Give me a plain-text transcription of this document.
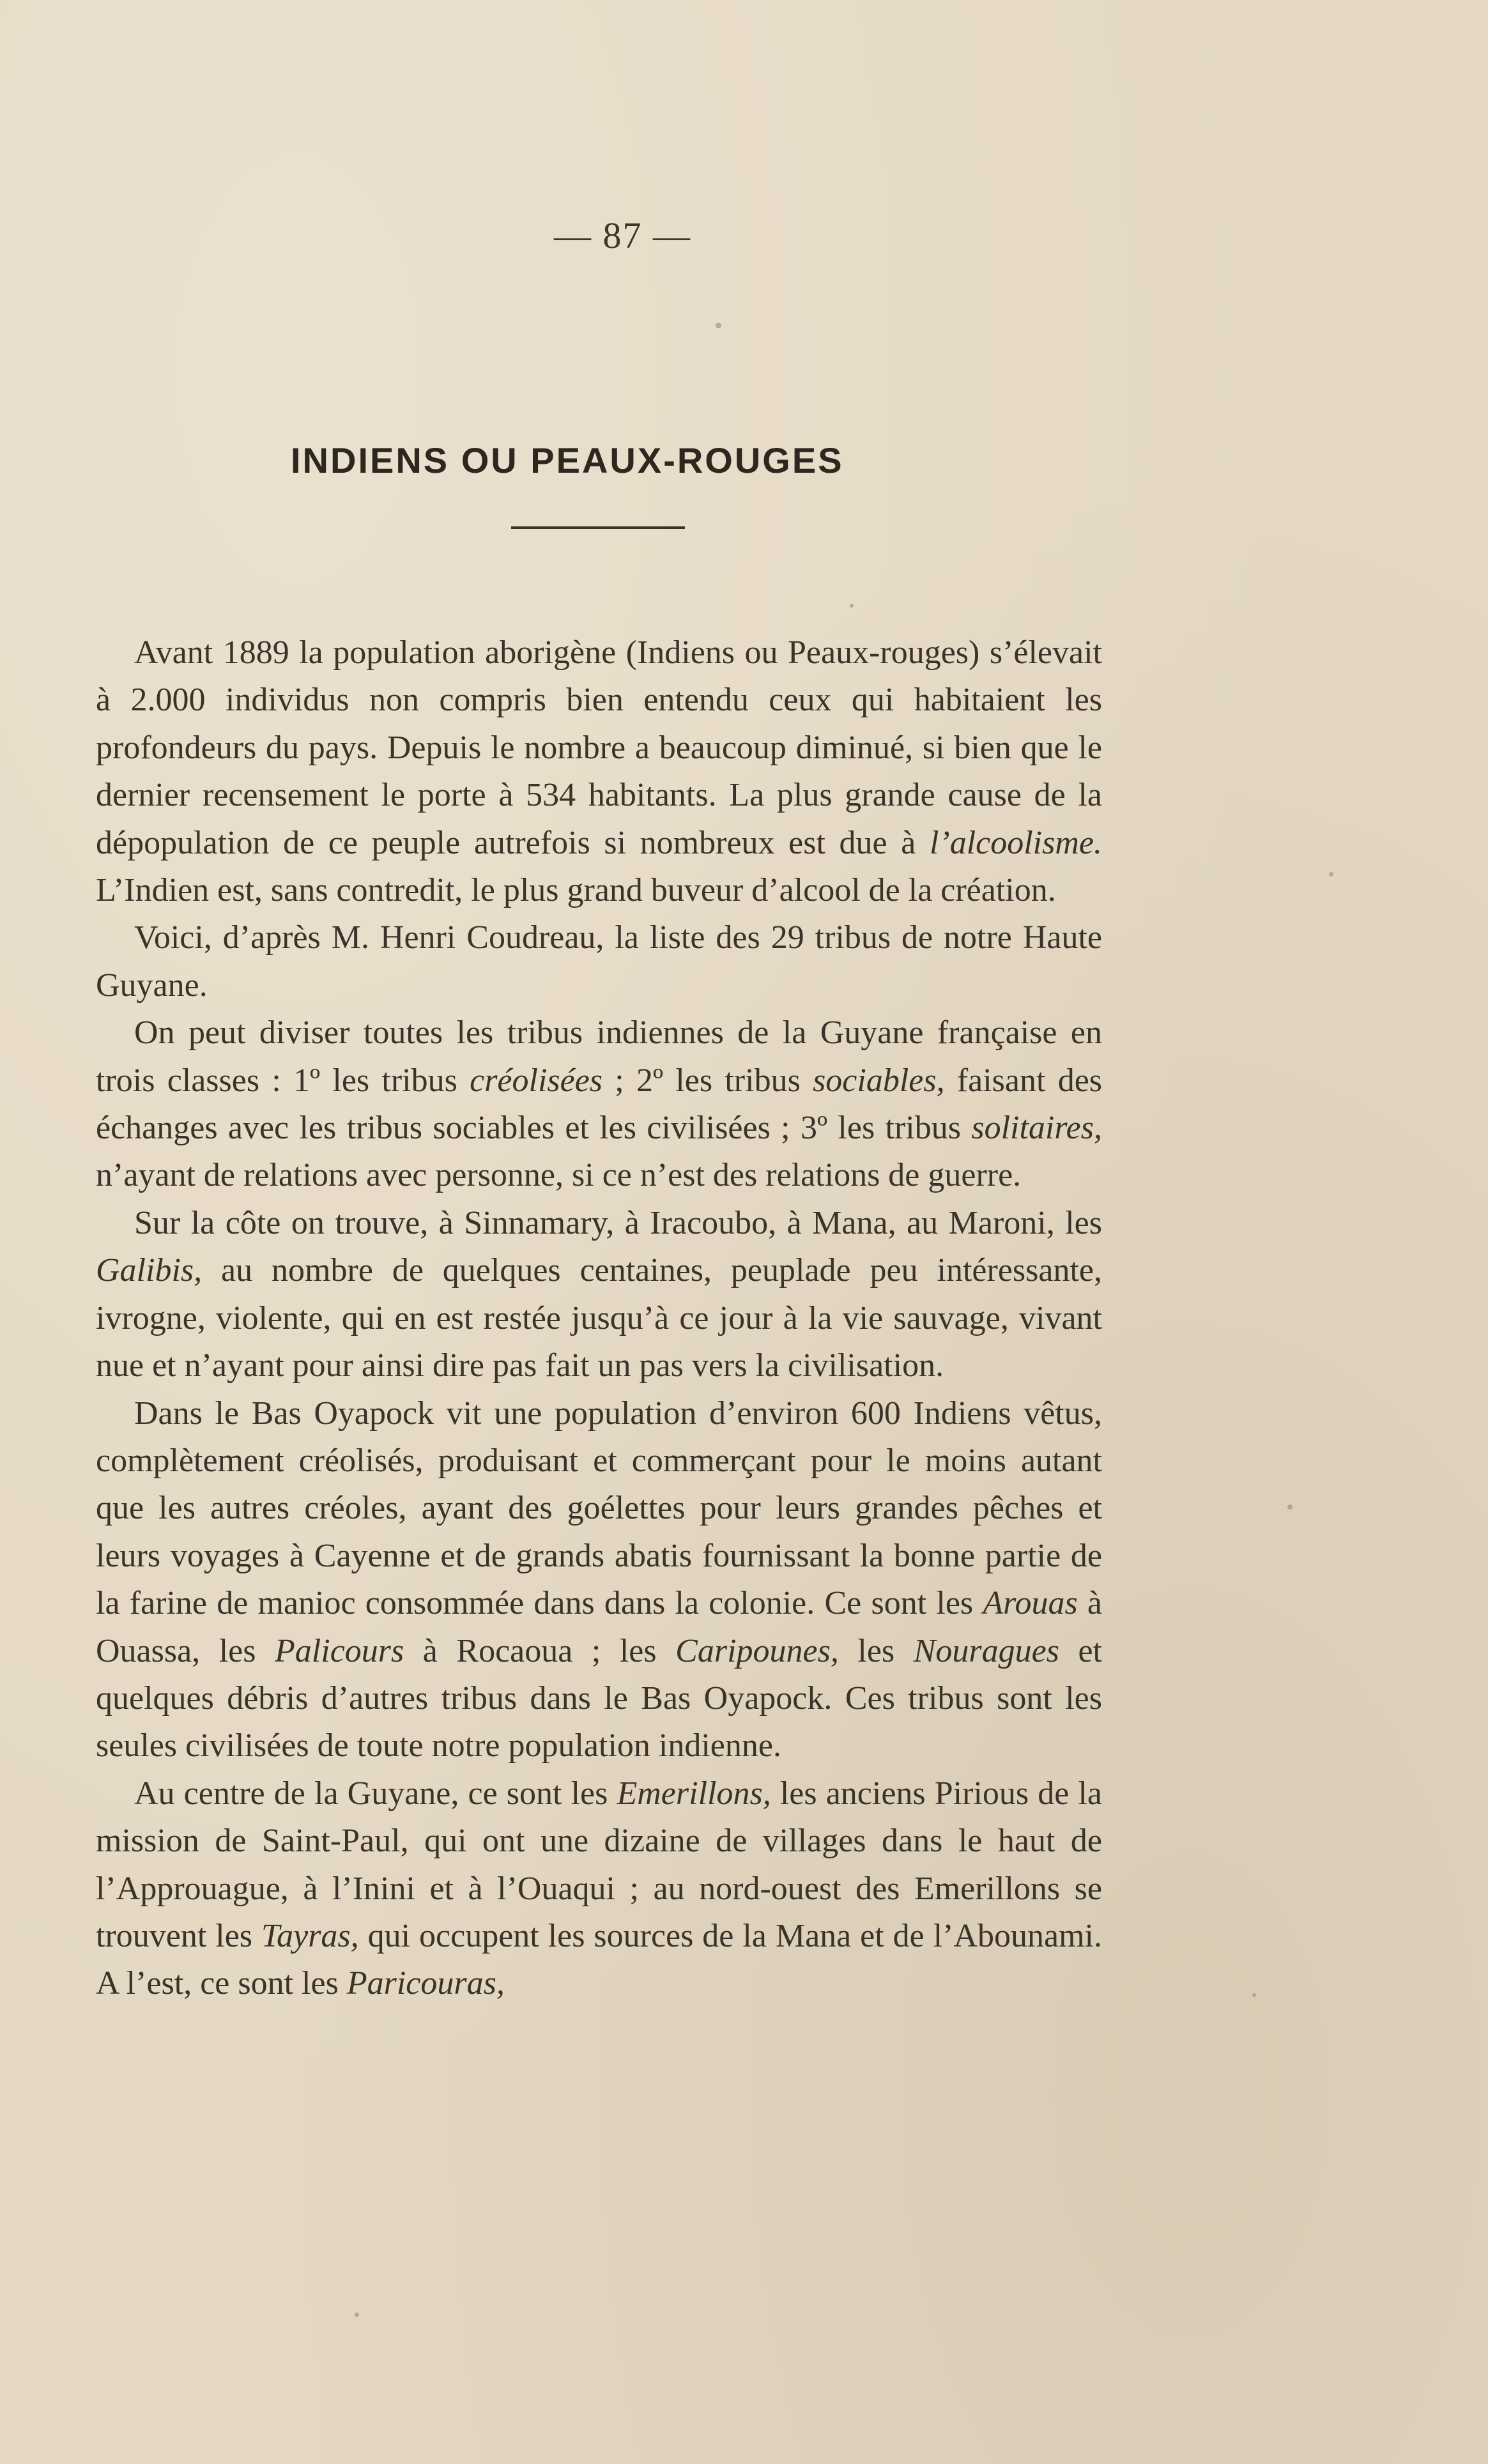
— 87 —
INDIENS OU PEAUX-ROUGES

Avant 1889 la population aborigène (Indiens ou Peaux-rouges) s’élevait à 2.000 individus non compris bien entendu ceux qui habitaient les profondeurs du pays. Depuis le nombre a beaucoup diminué, si bien que le dernier recensement le porte à 534 habitants. La plus grande cause de la dépopulation de ce peuple autrefois si nombreux est due à l’alcoolisme. L’Indien est, sans contredit, le plus grand buveur d’alcool de la création.

Voici, d’après M. Henri Coudreau, la liste des 29 tribus de notre Haute Guyane.

On peut diviser toutes les tribus indiennes de la Guyane française en trois classes : 1º les tribus créolisées ; 2º les tribus sociables, faisant des échanges avec les tribus sociables et les civilisées ; 3º les tribus solitaires, n’ayant de relations avec personne, si ce n’est des relations de guerre.

Sur la côte on trouve, à Sinnamary, à Iracoubo, à Mana, au Maroni, les Galibis, au nombre de quelques centaines, peuplade peu intéressante, ivrogne, violente, qui en est restée jusqu’à ce jour à la vie sauvage, vivant nue et n’ayant pour ainsi dire pas fait un pas vers la civilisation.

Dans le Bas Oyapock vit une population d’environ 600 Indiens vêtus, complètement créolisés, produisant et commerçant pour le moins autant que les autres créoles, ayant des goélettes pour leurs grandes pêches et leurs voyages à Cayenne et de grands abatis fournissant la bonne partie de la farine de manioc consommée dans dans la colonie. Ce sont les Arouas à Ouassa, les Palicours à Rocaoua ; les Caripounes, les Nouragues et quelques débris d’autres tribus dans le Bas Oyapock. Ces tribus sont les seules civilisées de toute notre population indienne.

Au centre de la Guyane, ce sont les Emerillons, les anciens Pirious de la mission de Saint-Paul, qui ont une dizaine de villages dans le haut de l’Approuague, à l’Inini et à l’Ouaqui ; au nord-ouest des Emerillons se trouvent les Tayras, qui occupent les sources de la Mana et de l’Abounami. A l’est, ce sont les Paricouras,
